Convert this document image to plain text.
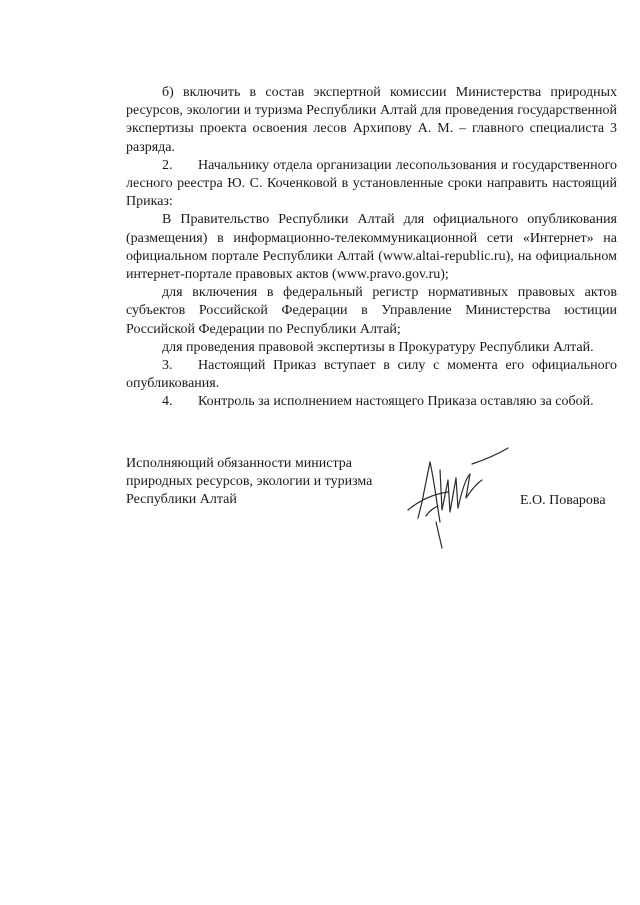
б) включить в состав экспертной комиссии Министерства природных ресурсов, экологии и туризма Республики Алтай для проведения государственной экспертизы проекта освоения лесов Архипову А. М. – главного специалиста 3 разряда.

2. Начальнику отдела организации лесопользования и государственного лесного реестра Ю. С. Коченковой в установленные сроки направить настоящий Приказ:

В Правительство Республики Алтай для официального опубликования (размещения) в информационно-телекоммуникационной сети «Интернет» на официальном портале Республики Алтай (www.altai-republic.ru), на официальном интернет-портале правовых актов (www.pravo.gov.ru);

для включения в федеральный регистр нормативных правовых актов субъектов Российской Федерации в Управление Министерства юстиции Российской Федерации по Республики Алтай;

для проведения правовой экспертизы в Прокуратуру Республики Алтай.

3. Настоящий Приказ вступает в силу с момента его официального опубликования.

4. Контроль за исполнением настоящего Приказа оставляю за собой.

Исполняющий обязанности министра
природных ресурсов, экологии и туризма
Республики Алтай	Е.О. Поварова
